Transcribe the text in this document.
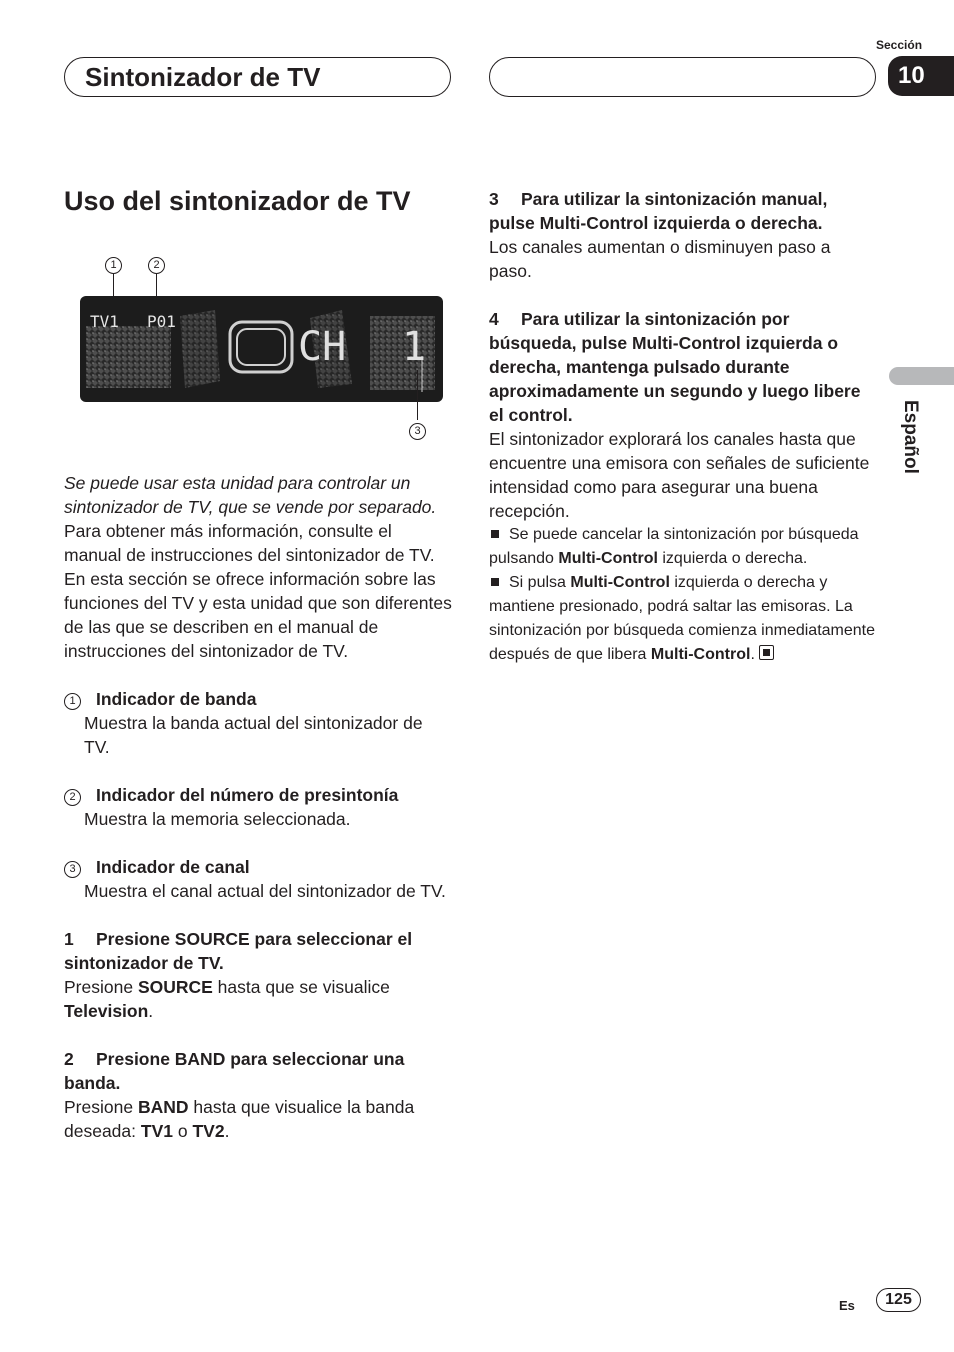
Sintonizador de TV
Sección
10
Uso del sintonizador de TV
1	2
TV1 P01
CH 1
3

Se puede usar esta unidad para controlar un sintonizador de TV, que se vende por separado.

Para obtener más información, consulte el manual de instrucciones del sintonizador de TV. En esta sección se ofrece información sobre las funciones del TV y esta unidad que son diferentes de las que se describen en el manual de instrucciones del sintonizador de TV.

1 Indicador de banda

Muestra la banda actual del sintonizador de TV.

2 Indicador del número de presintonía

Muestra la memoria seleccionada.

3 Indicador de canal

Muestra el canal actual del sintonizador de TV.

1 Presione SOURCE para seleccionar el sintonizador de TV.

Presione SOURCE hasta que se visualice Television.

2 Presione BAND para seleccionar una banda.

Presione BAND hasta que visualice la banda deseada: TV1 o TV2.

3 Para utilizar la sintonización manual, pulse Multi-Control izquierda o derecha.

Los canales aumentan o disminuyen paso a paso.

4 Para utilizar la sintonización por búsqueda, pulse Multi-Control izquierda o derecha, mantenga pulsado durante aproximadamente un segundo y luego libere el control.

El sintonizador explorará los canales hasta que encuentre una emisora con señales de suficiente intensidad como para asegurar una buena recepción.

Se puede cancelar la sintonización por búsqueda pulsando Multi-Control izquierda o derecha.

Si pulsa Multi-Control izquierda o derecha y mantiene presionado, podrá saltar las emisoras. La sintonización por búsqueda comienza inmediatamente después de que libera Multi-Control.

Español
Es	125
